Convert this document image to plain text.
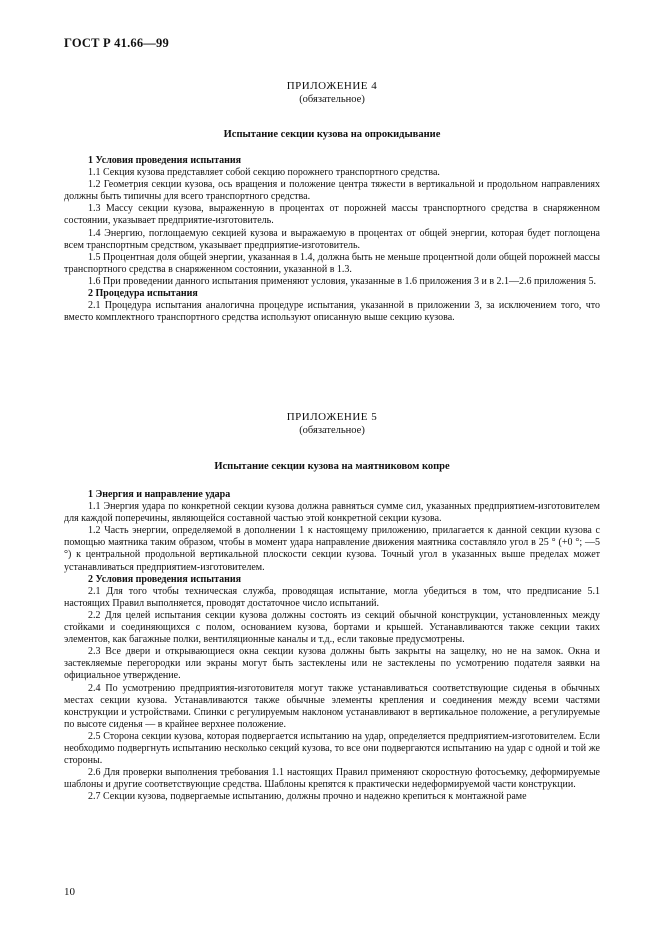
ГОСТ Р 41.66—99
ПРИЛОЖЕНИЕ 4
(обязательное)
Испытание секции кузова на опрокидывание

1 Условия проведения испытания

1.1 Секция кузова представляет собой секцию порожнего транспортного средства.

1.2 Геометрия секции кузова, ось вращения и положение центра тяжести в вертикальной и продольном направлениях должны быть типичны для всего транспортного средства.

1.3 Массу секции кузова, выраженную в процентах от порожней массы транспортного средства в снаряженном состоянии, указывает предприятие-изготовитель.

1.4 Энергию, поглощаемую секцией кузова и выражаемую в процентах от общей энергии, которая будет поглощена всем транспортным средством, указывает предприятие-изготовитель.

1.5 Процентная доля общей энергии, указанная в 1.4, должна быть не меньше процентной доли общей порожней массы транспортного средства в снаряженном состоянии, указанной в 1.3.

1.6 При проведении данного испытания применяют условия, указанные в 1.6 приложения 3 и в 2.1—2.6 приложения 5.

2 Процедура испытания

2.1 Процедура испытания аналогична процедуре испытания, указанной в приложении 3, за исключением того, что вместо комплектного транспортного средства используют описанную выше секцию кузова.

ПРИЛОЖЕНИЕ 5
(обязательное)
Испытание секции кузова на маятниковом копре

1 Энергия и направление удара

1.1 Энергия удара по конкретной секции кузова должна равняться сумме сил, указанных предприятием-изготовителем для каждой поперечины, являющейся составной частью этой конкретной секции кузова.

1.2 Часть энергии, определяемой в дополнении 1 к настоящему приложению, прилагается к данной секции кузова с помощью маятника таким образом, чтобы в момент удара направление движения маятника составляло угол в 25 ° (+0 °; —5 °) к центральной продольной вертикальной плоскости секции кузова. Точный угол в указанных выше пределах может устанавливаться предприятием-изготовителем.

2 Условия проведения испытания

2.1 Для того чтобы техническая служба, проводящая испытание, могла убедиться в том, что предписание 5.1 настоящих Правил выполняется, проводят достаточное число испытаний.

2.2 Для целей испытания секции кузова должны состоять из секций обычной конструкции, установленных между стойками и соединяющихся с полом, основанием кузова, бортами и крышей. Устанавливаются также секции таких элементов, как багажные полки, вентиляционные каналы и т.д., если таковые предусмотрены.

2.3 Все двери и открывающиеся окна секции кузова должны быть закрыты на защелку, но не на замок. Окна и застекляемые перегородки или экраны могут быть застеклены или не застеклены по усмотрению подателя заявки на официальное утверждение.

2.4 По усмотрению предприятия-изготовителя могут также устанавливаться соответствующие сиденья в обычных местах секции кузова. Устанавливаются также обычные элементы крепления и соединения между всеми частями конструкции и устройствами. Спинки с регулируемым наклоном устанавливают в вертикальное положение, а регулируемые по высоте сиденья — в крайнее верхнее положение.

2.5 Сторона секции кузова, которая подвергается испытанию на удар, определяется предприятием-изготовителем. Если необходимо подвергнуть испытанию несколько секций кузова, то все они подвергаются испытанию на удар с одной и той же стороны.

2.6 Для проверки выполнения требования 1.1 настоящих Правил применяют скоростную фотосъемку, деформируемые шаблоны и другие соответствующие средства. Шаблоны крепятся к практически недеформируемой части конструкции.

2.7 Секции кузова, подвергаемые испытанию, должны прочно и надежно крепиться к монтажной раме

10
